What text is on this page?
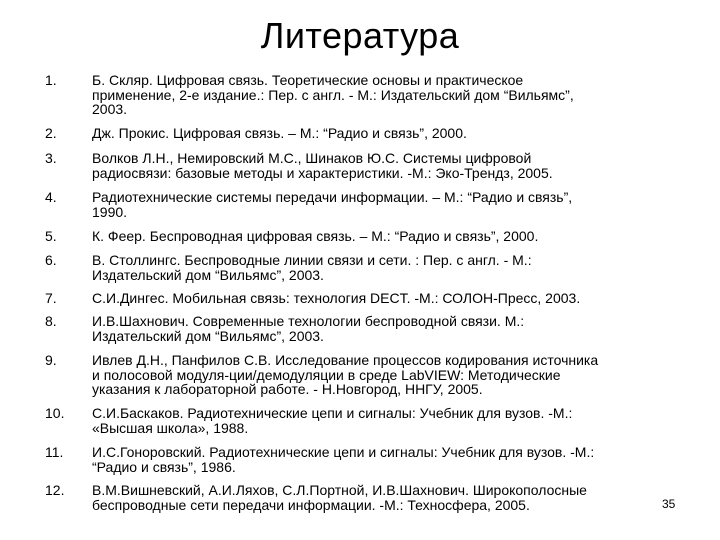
Литература
1.	Б. Скляр. Цифровая связь. Теоретические основы и практическое
применение, 2-е издание.: Пер. с англ. - М.: Издательский дом “Вильямс”,
2003.
2.	Дж. Прокис. Цифровая связь. – М.: “Радио и связь”, 2000.
3.	Волков Л.Н., Немировский М.С., Шинаков Ю.С. Системы цифровой
радиосвязи: базовые методы и характеристики. -М.: Эко-Трендз, 2005.
4.	Радиотехнические системы передачи информации. – М.: “Радио и связь”,
1990.
5.	К. Феер. Беспроводная цифровая связь. – М.: “Радио и связь”, 2000.
6.	В. Столлингс. Беспроводные линии связи и сети. : Пер. с англ. - М.:
Издательский дом “Вильямс”, 2003.
7.	С.И.Дингес. Мобильная связь: технология DECT. -М.: СОЛОН-Пресс, 2003.
8.	И.В.Шахнович. Современные технологии беспроводной связи. М.:
Издательский дом “Вильямс”, 2003.
9.	Ивлев Д.Н., Панфилов С.В. Исследование процессов кодирования источника
и полосовой модуля-ции/демодуляции в среде LabVIEW: Методические
указания к лабораторной работе. - Н.Новгород, ННГУ, 2005.
10. С.И.Баскаков. Радиотехнические цепи и сигналы: Учебник для вузов. -М.:
«Высшая школа», 1988.
11. И.С.Гоноровский. Радиотехнические цепи и сигналы: Учебник для вузов. -М.:
“Радио и связь”, 1986.
12. В.М.Вишневский, А.И.Ляхов, С.Л.Портной, И.В.Шахнович. Широкополосные
беспроводные сети передачи информации. -М.: Техносфера, 2005.	35
